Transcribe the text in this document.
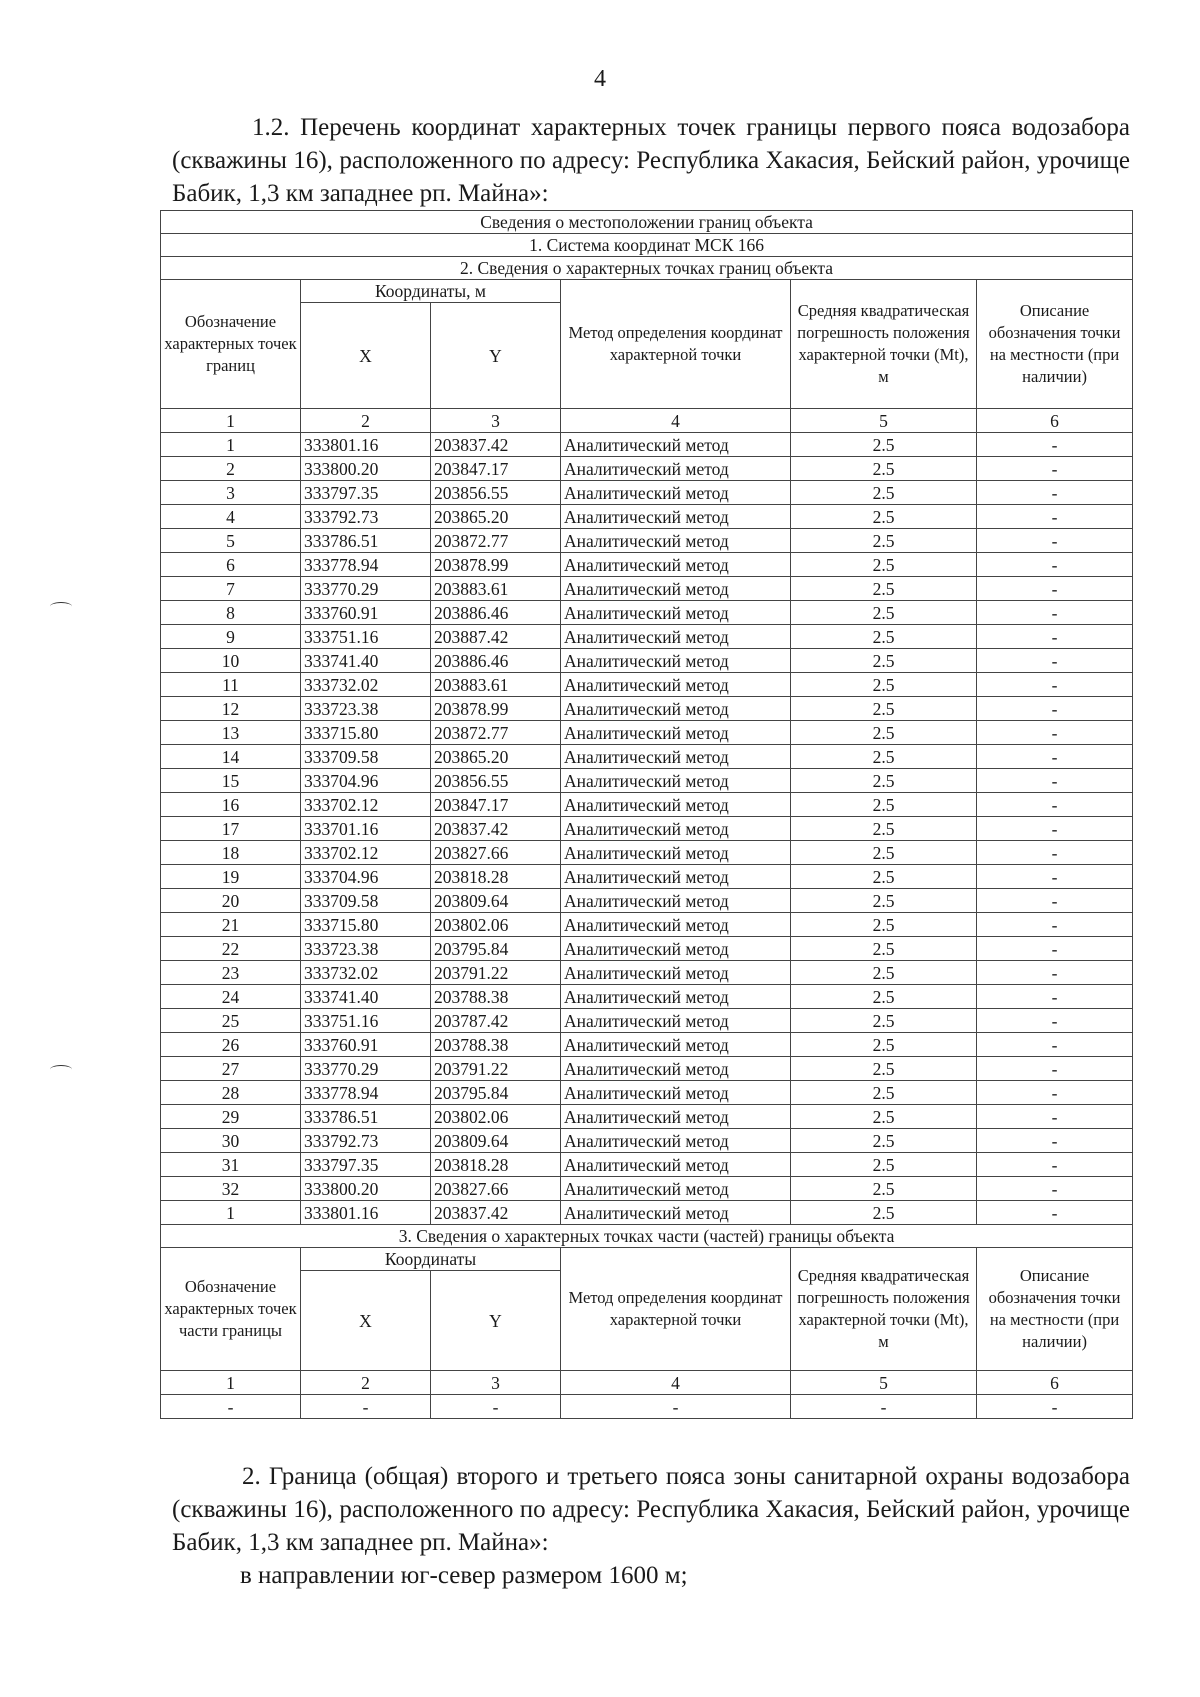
4
1.2. Перечень координат характерных точек границы первого пояса водозабора (скважины 16), расположенного по адресу: Республика Хакасия, Бейский район, урочище Бабик, 1,3 км западнее рп. Майна»:
Сведения о местоположении границ объекта					
1. Система координат МСК 166					
2. Сведения о характерных точках границ объекта					
Обозначение характерных точек границ	Координаты, м		Метод определения координат характерной точки	Средняя квадратическая погрешность положения характерной точки (Mt), м	Описание обозначения точки на местности (при наличии)
	X	Y			
1	2	3	4	5	6
1	333801.16	203837.42	Аналитический метод	2.5	-
2	333800.20	203847.17	Аналитический метод	2.5	-
3	333797.35	203856.55	Аналитический метод	2.5	-
4	333792.73	203865.20	Аналитический метод	2.5	-
5	333786.51	203872.77	Аналитический метод	2.5	-
6	333778.94	203878.99	Аналитический метод	2.5	-
7	333770.29	203883.61	Аналитический метод	2.5	-
8	333760.91	203886.46	Аналитический метод	2.5	-
9	333751.16	203887.42	Аналитический метод	2.5	-
10	333741.40	203886.46	Аналитический метод	2.5	-
11	333732.02	203883.61	Аналитический метод	2.5	-
12	333723.38	203878.99	Аналитический метод	2.5	-
13	333715.80	203872.77	Аналитический метод	2.5	-
14	333709.58	203865.20	Аналитический метод	2.5	-
15	333704.96	203856.55	Аналитический метод	2.5	-
16	333702.12	203847.17	Аналитический метод	2.5	-
17	333701.16	203837.42	Аналитический метод	2.5	-
18	333702.12	203827.66	Аналитический метод	2.5	-
19	333704.96	203818.28	Аналитический метод	2.5	-
20	333709.58	203809.64	Аналитический метод	2.5	-
21	333715.80	203802.06	Аналитический метод	2.5	-
22	333723.38	203795.84	Аналитический метод	2.5	-
23	333732.02	203791.22	Аналитический метод	2.5	-
24	333741.40	203788.38	Аналитический метод	2.5	-
25	333751.16	203787.42	Аналитический метод	2.5	-
26	333760.91	203788.38	Аналитический метод	2.5	-
27	333770.29	203791.22	Аналитический метод	2.5	-
28	333778.94	203795.84	Аналитический метод	2.5	-
29	333786.51	203802.06	Аналитический метод	2.5	-
30	333792.73	203809.64	Аналитический метод	2.5	-
31	333797.35	203818.28	Аналитический метод	2.5	-
32	333800.20	203827.66	Аналитический метод	2.5	-
1	333801.16	203837.42	Аналитический метод	2.5	-
3. Сведения о характерных точках части (частей) границы объекта					
Обозначение характерных точек части границы	Координаты		Метод определения координат характерной точки	Средняя квадратическая погрешность положения характерной точки (Mt), м	Описание обозначения точки на местности (при наличии)
	X	Y			
1	2	3	4	5	6
-	-	-	-	-	-
2. Граница (общая) второго и третьего пояса зоны санитарной охраны водозабора (скважины 16), расположенного по адресу: Республика Хакасия, Бейский район, урочище Бабик, 1,3 км западнее рп. Майна»:
в направлении юг-север размером 1600 м;
